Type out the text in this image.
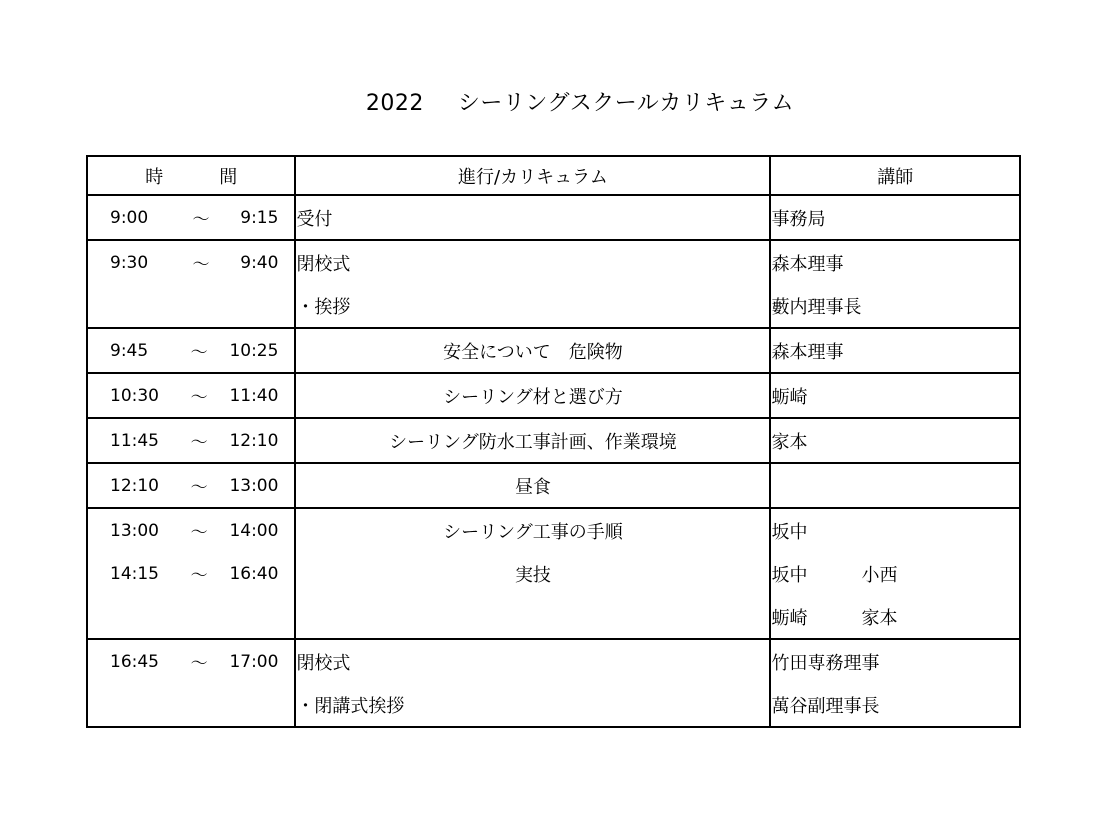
2022 シーリングスクールカリキュラム
時 間	進行/カリキュラム	講師

9:00 ～ 9:15	受付	事務局

9:30 ～ 9:40	閉校式	森本理事
	・挨拶	藪内理事長

9:45 ～ 10:25	安全について　危険物	森本理事

10:30 ～ 11:40	シーリング材と選び方	蛎崎

11:45 ～ 12:10	シーリング防水工事計画、作業環境	家本

12:10 ～ 13:00	昼食	

13:00 ～ 14:00	シーリング工事の手順	坂中

14:15 ～ 16:40	実技	坂中 小西
		蛎崎 家本

16:45 ～ 17:00	閉校式	竹田専務理事
	・閉講式挨拶	萬谷副理事長
